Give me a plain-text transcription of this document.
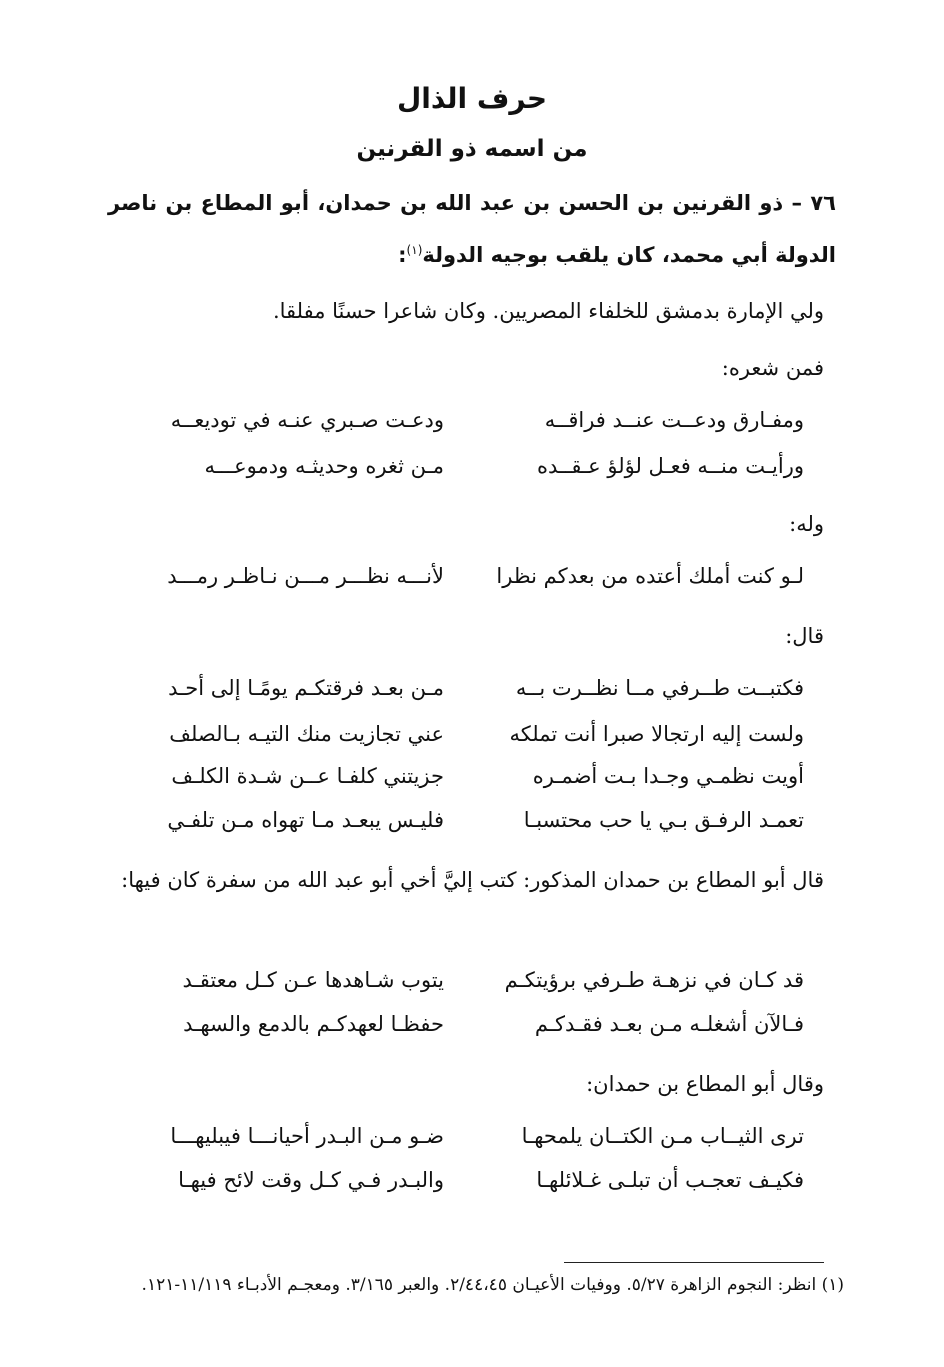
حرف الذال
من اسمه ذو القرنين
٧٦ – ذو القرنين بن الحسن بن عبد الله بن حمدان، أبو المطاع بن ناصر الدولة أبي محمد، كان يلقب بوجيه الدولة$^{(١)}$:
ولي الإمارة بدمشق للخلفاء المصريين. وكان شاعرا حسنًا مفلقا.
فمن شعره:
ومفـارق ودعــت عنــد فراقــه
ودعـت صـبري عنـه في توديعــه
ورأيـت منــه فعـل لؤلؤ عـقــده
مـن ثغره وحديثـه ودموعـــه
وله:
لـو كنت أملك أعتده من بعدكم نظرا
لأنـــه نظـــر مـــن نـاظـر رمـــد
قال:
فكتبــت طــرفي مــا نظــرت بــه
مـن بعـد فرقتكـم يومًـا إلى أحـد
ولست إليه ارتجالا صبرا أنت تملكه
عني تجازيت منك التيـه بـالصلف
أويت نظمـي وجـدا بـت أضمـره
جزيتني كلفـا عــن شـدة الكلـف
تعمـد الرفـق بـي يا حب محتسبـا
فليـس يبعـد مـا تهواه مـن تلفـي
قال أبو المطاع بن حمدان المذكور: كتب إليَّ أخي أبو عبد الله من سفرة كان فيها:
قد كـان في نزهـة طـرفي برؤيتكـم
يتوب شـاهدها عـن كـل معتقـد
فـالآن أشغلـه مـن بعـد فقـدكـم
حفظـا لعهدكـم بالدمع والسهـد
وقال أبو المطاع بن حمدان:
ترى الثيــاب مـن الكتــان يلمحهـا
ضـو مـن البـدر أحيانـــا فيبليهـــا
فكيـف تعجـب أن تبلـى غـلائلهـا
والبـدر فـي كـل وقت لائح فيهـا
(١) انظر: النجوم الزاهرة ٥/٢٧. ووفيات الأعيـان ٢/٤٤،٤٥. والعبر ٣/١٦٥. ومعجـم الأدبـاء ١١/١١٩-١٢١.
